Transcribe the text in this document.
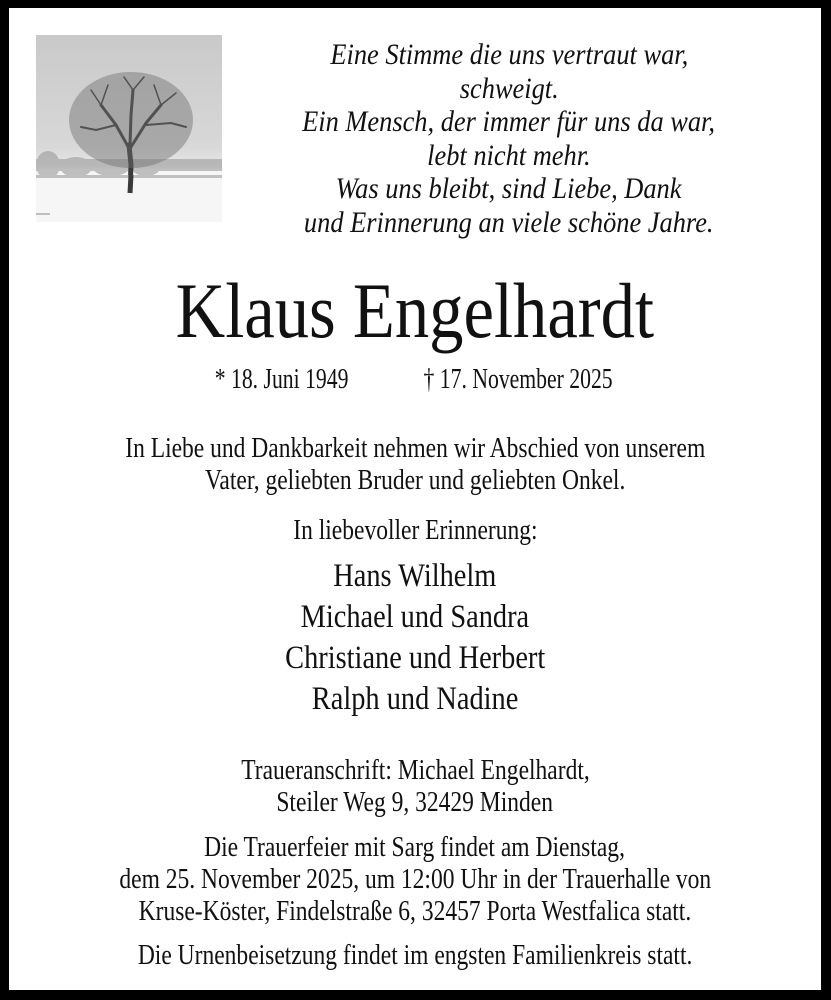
Eine Stimme die uns vertraut war,
schweigt.
Ein Mensch, der immer für uns da war,
lebt nicht mehr.
Was uns bleibt, sind Liebe, Dank
und Erinnerung an viele schöne Jahre.
Klaus Engelhardt
* 18. Juni 1949	† 17. November 2025
In Liebe und Dankbarkeit nehmen wir Abschied von unserem
Vater, geliebten Bruder und geliebten Onkel.
In liebevoller Erinnerung:
Hans Wilhelm
Michael und Sandra
Christiane und Herbert
Ralph und Nadine
Traueranschrift: Michael Engelhardt,
Steiler Weg 9, 32429 Minden
Die Trauerfeier mit Sarg findet am Dienstag,
dem 25. November 2025, um 12:00 Uhr in der Trauerhalle von
Kruse-Köster, Findelstraße 6, 32457 Porta Westfalica statt.
Die Urnenbeisetzung findet im engsten Familienkreis statt.
